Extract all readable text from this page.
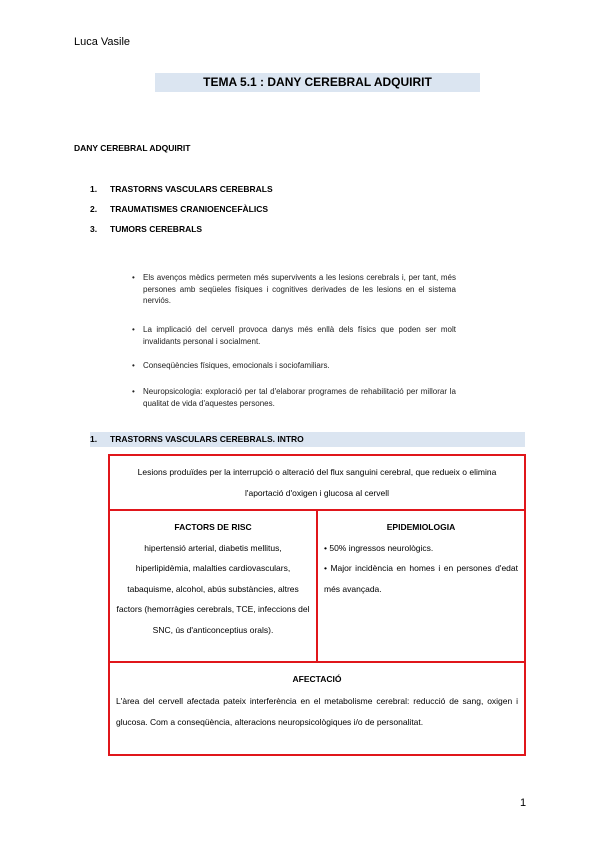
Luca Vasile
TEMA 5.1 : DANY CEREBRAL ADQUIRIT
DANY CEREBRAL ADQUIRIT
1. TRASTORNS VASCULARS CEREBRALS
2. TRAUMATISMES CRANIOENCEFÀLICS
3. TUMORS CEREBRALS
• Els avenços mèdics permeten més supervivents a les lesions cerebrals i, per tant, més persones amb seqüeles físiques i cognitives derivades de les lesions en el sistema nerviós.
• La implicació del cervell provoca danys més enllà dels físics que poden ser molt invalidants personal i socialment.
• Conseqüències físiques, emocionals i sociofamiliars.
• Neuropsicologia: exploració per tal d'elaborar programes de rehabilitació per millorar la qualitat de vida d'aquestes persones.
1. TRASTORNS VASCULARS CEREBRALS. INTRO
Lesions produïdes per la interrupció o alteració del flux sanguini cerebral, que redueix o elimina l'aportació d'oxigen i glucosa al cervell
FACTORS DE RISC
hipertensió arterial, diabetis mellitus, hiperlipidèmia, malalties cardiovasculars, tabaquisme, alcohol, abús substàncies, altres factors (hemorràgies cerebrals, TCE, infeccions del SNC, ús d'anticonceptius orals).
EPIDEMIOLOGIA
• 50% ingressos neurològics.
• Major incidència en homes i en persones d'edat més avançada.
AFECTACIÓ
L'àrea del cervell afectada pateix interferència en el metabolisme cerebral: reducció de sang, oxigen i glucosa. Com a conseqüència, alteracions neuropsicològiques i/o de personalitat.
1
